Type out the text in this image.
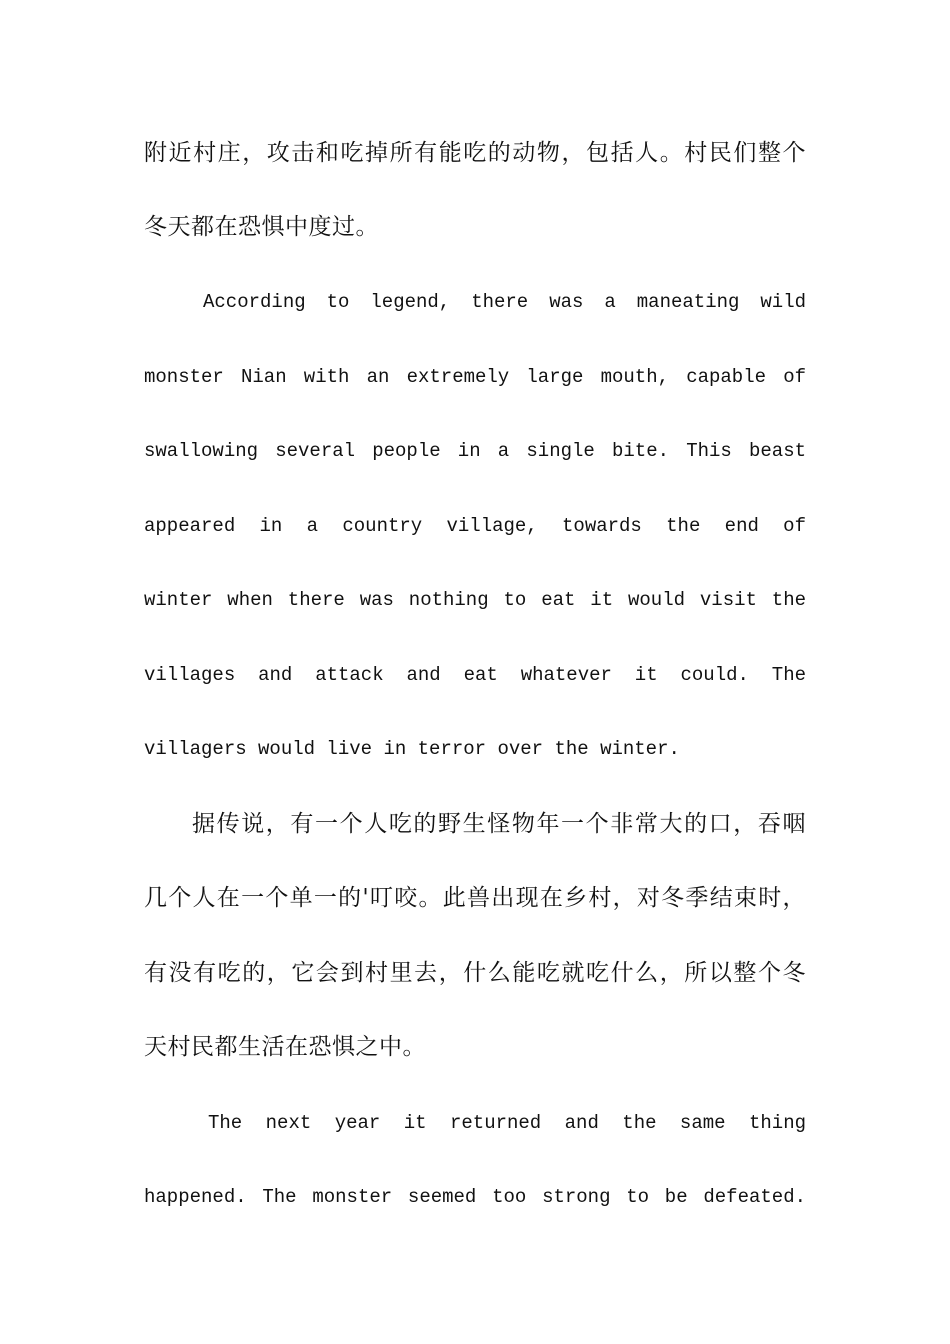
附近村庄，攻击和吃掉所有能吃的动物，包括人。村民们整个
冬天都在恐惧中度过。
According to legend, there was a maneating wild
monster Nian with an extremely large mouth, capable of
swallowing several people in a single bite. This beast
appeared in a country village, towards the end of
winter when there was nothing to eat it would visit the
villages and attack and eat whatever it could. The
villagers would live in terror over the winter.
据传说，有一个人吃的野生怪物年一个非常大的口，吞咽
几个人在一个单一的'叮咬。此兽出现在乡村，对冬季结束时，
有没有吃的，它会到村里去，什么能吃就吃什么，所以整个冬
天村民都生活在恐惧之中。
The next year it returned and the same thing
happened. The monster seemed too strong to be defeated.
